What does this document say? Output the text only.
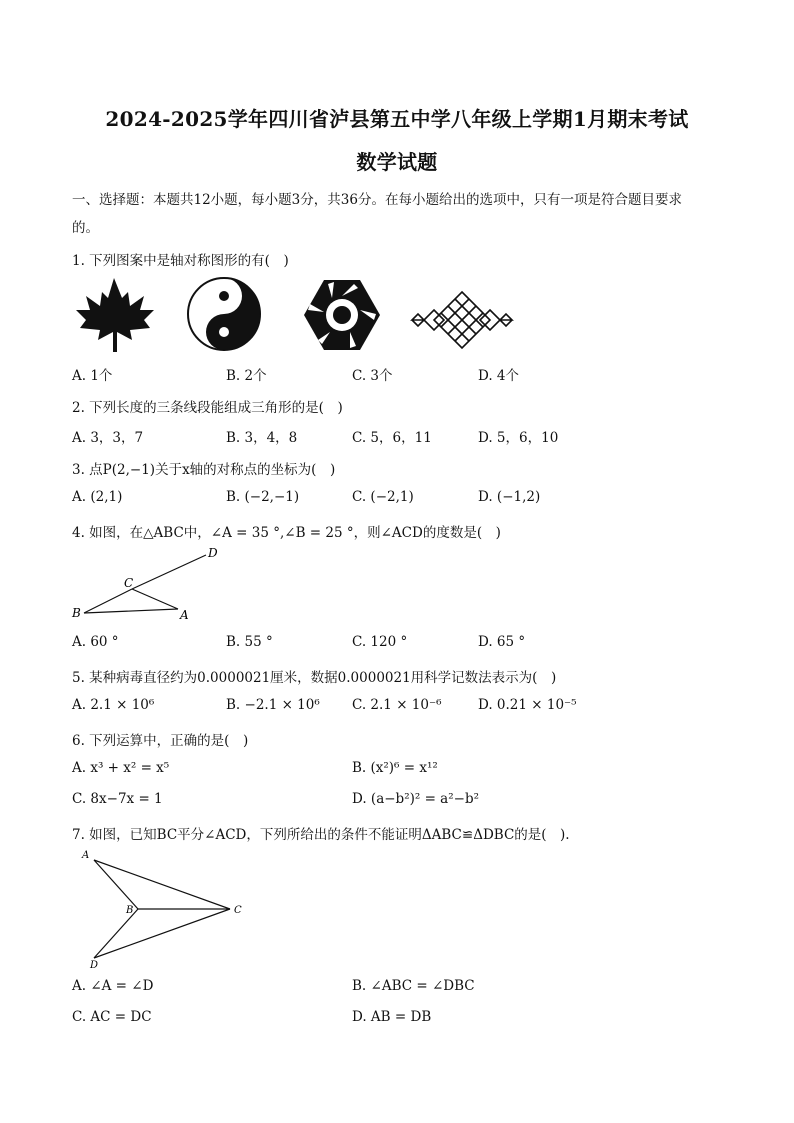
2024-2025学年四川省泸县第五中学八年级上学期1月期末考试
数学试题
一、选择题：本题共12小题，每小题3分，共36分。在每小题给出的选项中，只有一项是符合题目要求
的。
1. 下列图案中是轴对称图形的有(　)
A. 1个	B. 2个	C. 3个	D. 4个
2. 下列长度的三条线段能组成三角形的是(　)
A. 3，3，7	B. 3，4，8	C. 5，6，11	D. 5，6，10
3. 点P(2,−1)关于x轴的对称点的坐标为(　)
A. (2,1)	B. (−2,−1)	C. (−2,1)	D. (−1,2)
4. 如图，在△ABC中，∠A = 35 °,∠B = 25 °，则∠ACD的度数是(　)
D
C
B	A
A. 60 °	B. 55 °	C. 120 °	D. 65 °
5. 某种病毒直径约为0.0000021厘米，数据0.0000021用科学记数法表示为(　)
A. 2.1 × 10⁶	B. −2.1 × 10⁶ C. 2.1 × 10⁻⁶	D. 0.21 × 10⁻⁵
6. 下列运算中，正确的是(　)
A. x³ + x² = x⁵	B. (x²)⁶ = x¹²
C. 8x−7x = 1	D. (a−b²)² = a²−b²
7. 如图，已知BC平分∠ACD，下列所给出的条件不能证明ΔABC≌ΔDBC的是(　).
A
B	C
D
A. ∠A = ∠D	B. ∠ABC = ∠DBC
C. AC = DC	D. AB = DB
